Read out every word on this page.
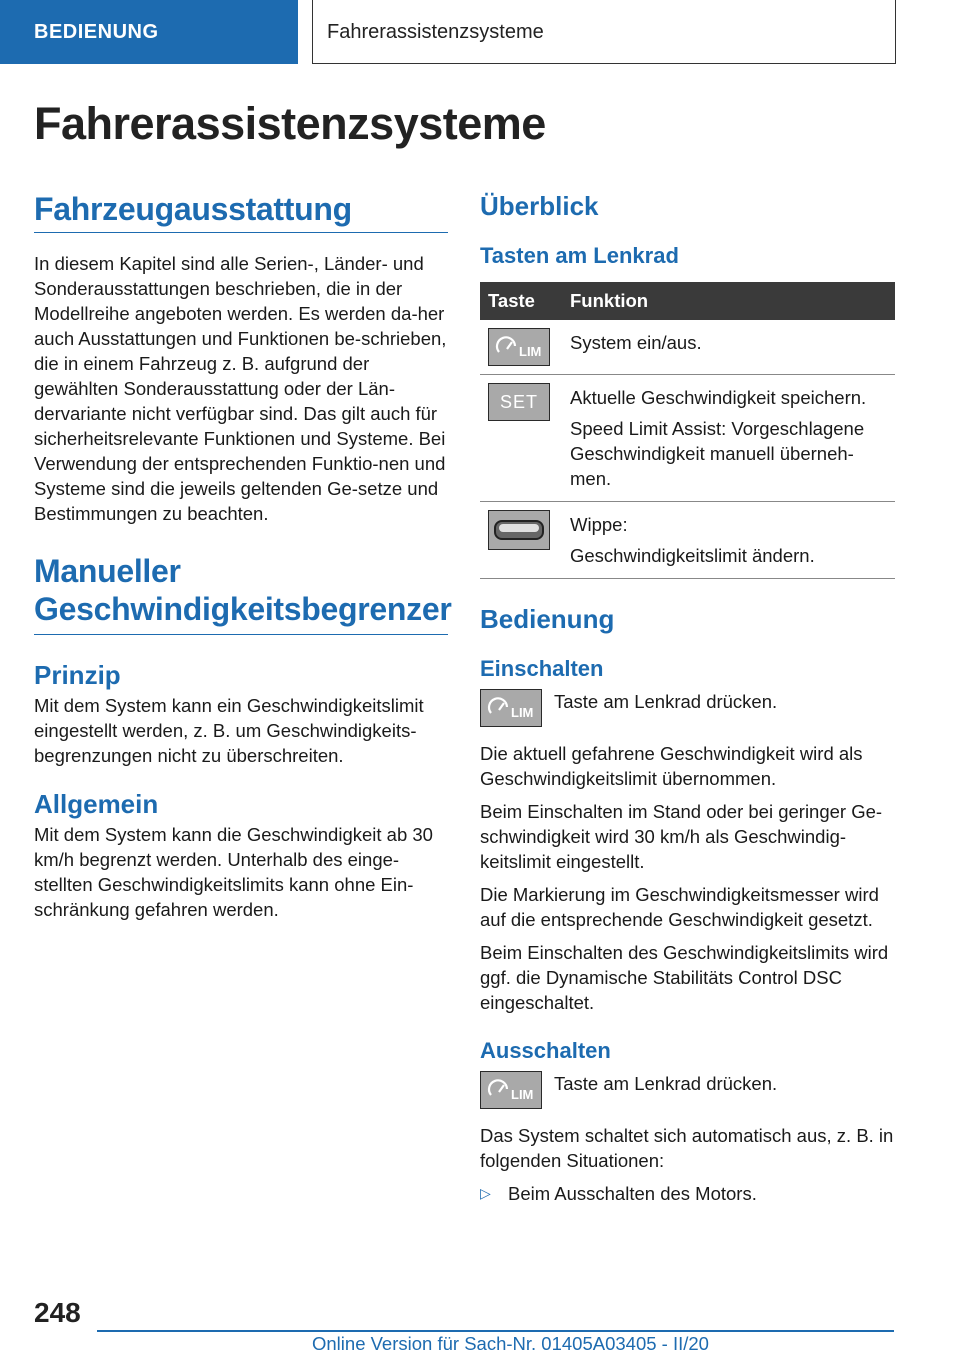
BEDIENUNG	Fahrerassistenzsysteme
Fahrerassistenzsysteme
Fahrzeugausstattung

In diesem Kapitel sind alle Serien-, Länder- und Sonderausstattungen beschrieben, die in der Modellreihe angeboten werden. Es werden da-her auch Ausstattungen und Funktionen be-schrieben, die in einem Fahrzeug z. B. aufgrund der gewählten Sonderausstattung oder der Län-dervariante nicht verfügbar sind. Das gilt auch für sicherheitsrelevante Funktionen und Systeme. Bei Verwendung der entsprechenden Funktio-nen und Systeme sind die jeweils geltenden Ge-setze und Bestimmungen zu beachten.

Manueller Geschwindigkeitsbegrenzer
Prinzip

Mit dem System kann ein Geschwindigkeitslimit eingestellt werden, z. B. um Geschwindigkeits-begrenzungen nicht zu überschreiten.

Allgemein

Mit dem System kann die Geschwindigkeit ab 30 km/h begrenzt werden. Unterhalb des einge-stellten Geschwindigkeitslimits kann ohne Ein-schränkung gefahren werden.

Überblick
Tasten am Lenkrad
Taste	Funktion

LIM	System ein/aus.

SET	Aktuelle Geschwindigkeit speichern.
Speed Limit Assist: Vorgeschlagene Geschwindigkeit manuell überneh-men.

Wippe:
Geschwindigkeitslimit ändern.
Bedienung
Einschalten
LIM

Taste am Lenkrad drücken.

Die aktuell gefahrene Geschwindigkeit wird als Geschwindigkeitslimit übernommen.

Beim Einschalten im Stand oder bei geringer Ge-schwindigkeit wird 30 km/h als Geschwindig-keitslimit eingestellt.

Die Markierung im Geschwindigkeitsmesser wird auf die entsprechende Geschwindigkeit gesetzt.

Beim Einschalten des Geschwindigkeitslimits wird ggf. die Dynamische Stabilitäts Control DSC eingeschaltet.

Ausschalten
LIM

Taste am Lenkrad drücken.

Das System schaltet sich automatisch aus, z. B. in folgenden Situationen:

▷ Beim Ausschalten des Motors.
248
Online Version für Sach-Nr. 01405A03405 - II/20
